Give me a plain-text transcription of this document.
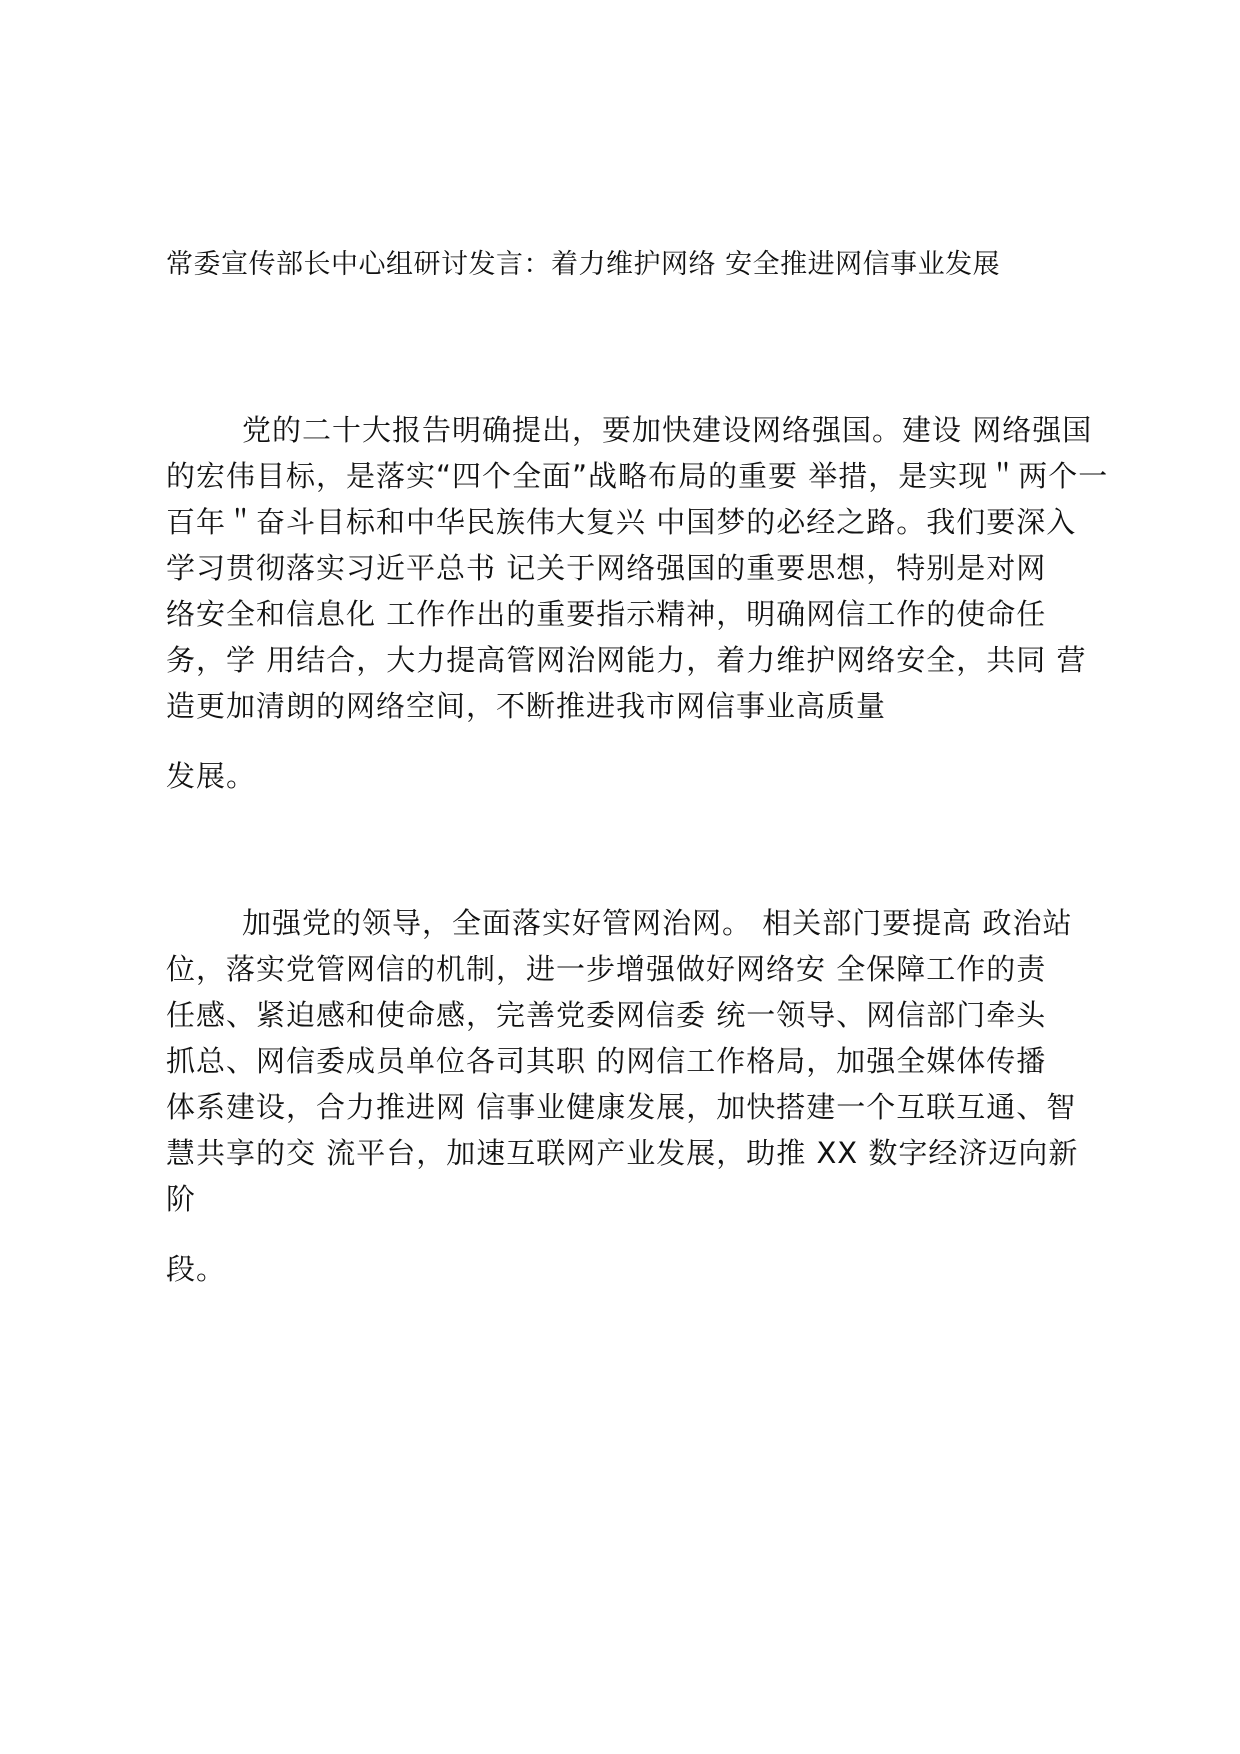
常委宣传部长中心组研讨发言：着力维护网络 安全推进网信事业发展
党的二十大报告明确提出，要加快建设网络强国。建设 网络强国
的宏伟目标，是落实“四个全面”战略布局的重要 举措，是实现＂两个一
百年＂奋斗目标和中华民族伟大复兴 中国梦的必经之路。我们要深入
学习贯彻落实习近平总书 记关于网络强国的重要思想，特别是对网
络安全和信息化 工作作出的重要指示精神，明确网信工作的使命任
务，学 用结合，大力提高管网治网能力，着力维护网络安全，共同 营
造更加清朗的网络空间，不断推进我市网信事业高质量
发展。
加强党的领导，全面落实好管网治网。 相关部门要提高 政治站
位，落实党管网信的机制，进一步增强做好网络安 全保障工作的责
任感、紧迫感和使命感，完善党委网信委 统一领导、网信部门牵头
抓总、网信委成员单位各司其职 的网信工作格局，加强全媒体传播
体系建设，合力推进网 信事业健康发展，加快搭建一个互联互通、智
慧共享的交 流平台，加速互联网产业发展，助推 XX 数字经济迈向新
阶
段。
